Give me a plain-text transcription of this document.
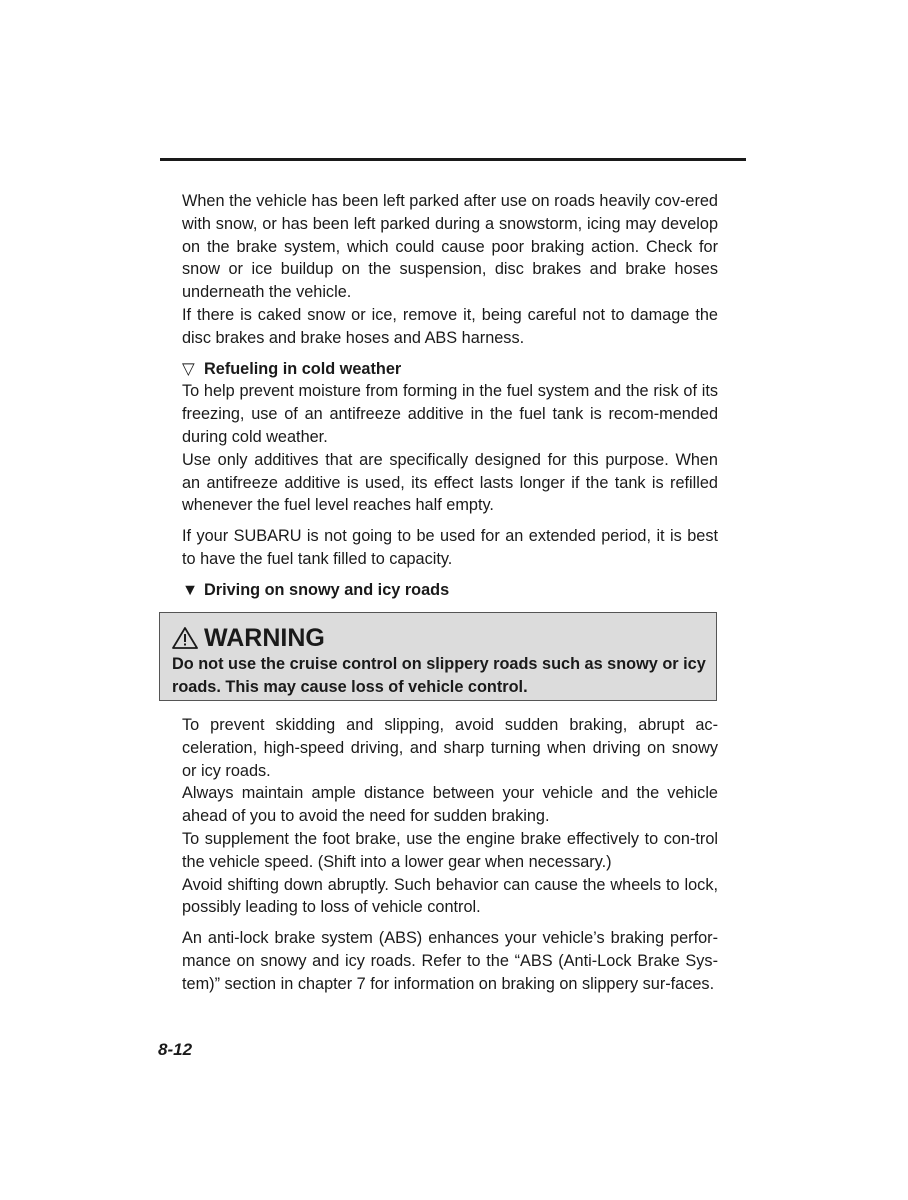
When the vehicle has been left parked after use on roads heavily cov-ered with snow, or has been left parked during a snowstorm, icing may develop on the brake system, which could cause poor braking action. Check for snow or ice buildup on the suspension, disc brakes and brake hoses underneath the vehicle.

If there is caked snow or ice, remove it, being careful not to damage the disc brakes and brake hoses and ABS harness.

▽ Refueling in cold weather

To help prevent moisture from forming in the fuel system and the risk of its freezing, use of an antifreeze additive in the fuel tank is recom-mended during cold weather.

Use only additives that are specifically designed for this purpose. When an antifreeze additive is used, its effect lasts longer if the tank is refilled whenever the fuel level reaches half empty.

If your SUBARU is not going to be used for an extended period, it is best to have the fuel tank filled to capacity.

▼ Driving on snowy and icy roads

WARNING
Do not use the cruise control on slippery roads such as snowy or icy roads. This may cause loss of vehicle control.

To prevent skidding and slipping, avoid sudden braking, abrupt ac-celeration, high-speed driving, and sharp turning when driving on snowy or icy roads.

Always maintain ample distance between your vehicle and the vehicle ahead of you to avoid the need for sudden braking.

To supplement the foot brake, use the engine brake effectively to con-trol the vehicle speed. (Shift into a lower gear when necessary.)

Avoid shifting down abruptly. Such behavior can cause the wheels to lock, possibly leading to loss of vehicle control.

An anti-lock brake system (ABS) enhances your vehicle’s braking perfor-mance on snowy and icy roads. Refer to the “ABS (Anti-Lock Brake Sys-tem)” section in chapter 7 for information on braking on slippery sur-faces.

8-12
